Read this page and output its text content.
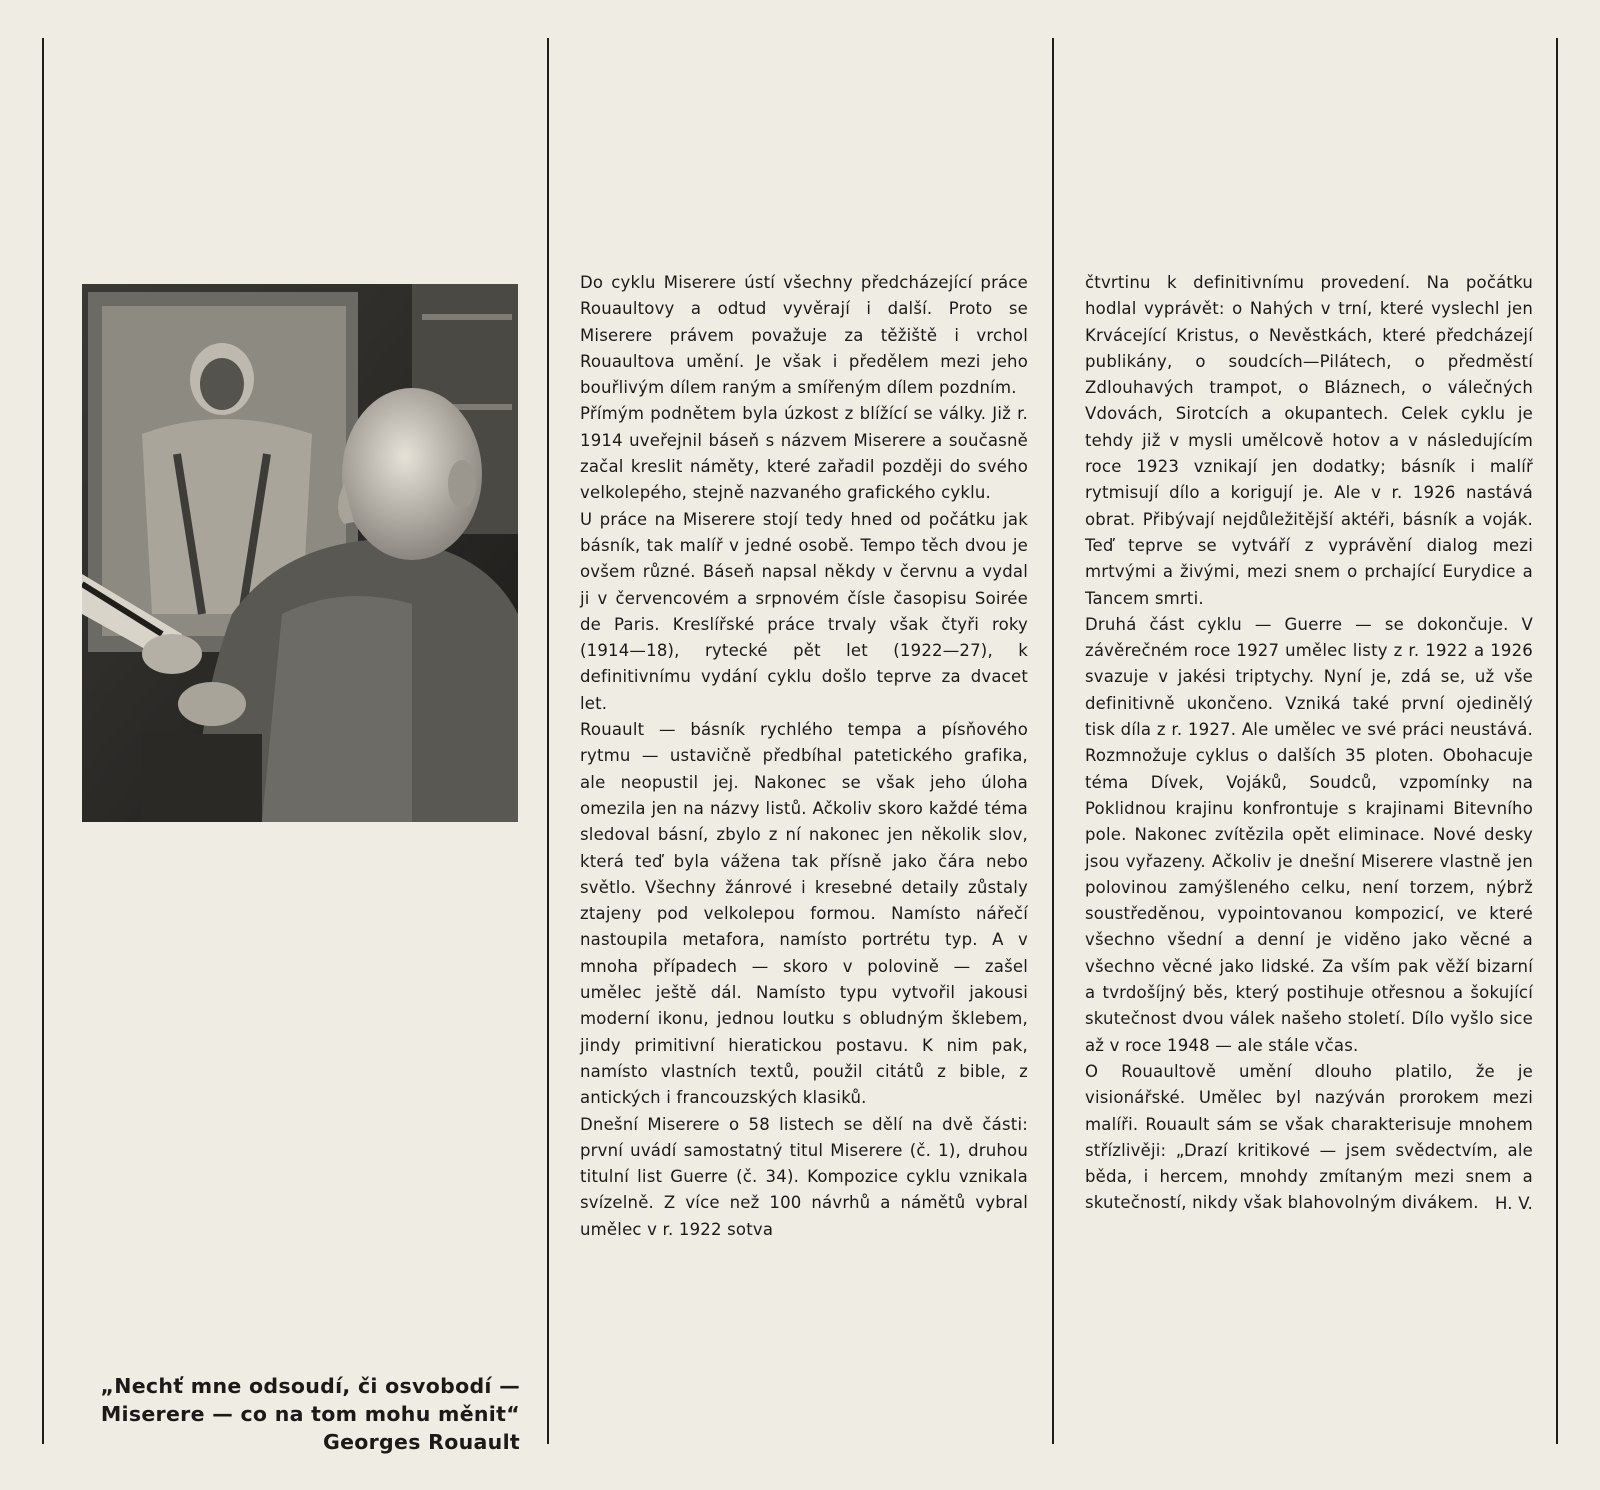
Do cyklu Miserere ústí všechny předcházející práce Rouaultovy a odtud vyvěrají i další. Proto se Miserere právem považuje za těžiště i vrchol Rouaultova umění. Je však i předělem mezi jeho bouřlivým dílem raným a smířeným dílem pozdním.

Přímým podnětem byla úzkost z blížící se války. Již r. 1914 uveřejnil báseň s názvem Miserere a současně začal kreslit náměty, které zařadil později do svého velkolepého, stejně nazvaného grafického cyklu.

U práce na Miserere stojí tedy hned od počátku jak básník, tak malíř v jedné osobě. Tempo těch dvou je ovšem různé. Báseň napsal někdy v červnu a vydal ji v červencovém a srpnovém čísle časopisu Soirée de Paris. Kreslířské práce trvaly však čtyři roky (1914—18), rytecké pět let (1922—27), k definitivnímu vydání cyklu došlo teprve za dvacet let.

Rouault — básník rychlého tempa a písňového rytmu — ustavičně předbíhal patetického grafika, ale neopustil jej. Nakonec se však jeho úloha omezila jen na názvy listů. Ačkoliv skoro každé téma sledoval básní, zbylo z ní nakonec jen několik slov, která teď byla vážena tak přísně jako čára nebo světlo. Všechny žánrové i kresebné detaily zůstaly ztajeny pod velkolepou formou. Namísto nářečí nastoupila metafora, namísto portrétu typ. A v mnoha případech — skoro v polovině — zašel umělec ještě dál. Namísto typu vytvořil jakousi moderní ikonu, jednou loutku s obludným šklebem, jindy primitivní hieratickou postavu. K nim pak, namísto vlastních textů, použil citátů z bible, z antických i francouzských klasiků.

Dnešní Miserere o 58 listech se dělí na dvě části: první uvádí samostatný titul Miserere (č. 1), druhou titulní list Guerre (č. 34). Kompozice cyklu vznikala svízelně. Z více než 100 návrhů a námětů vybral umělec v r. 1922 sotva

čtvrtinu k definitivnímu provedení. Na počátku hodlal vyprávět: o Nahých v trní, které vyslechl jen Krvácející Kristus, o Nevěstkách, které předcházejí publikány, o soudcích—Pilátech, o předměstí Zdlouhavých trampot, o Bláznech, o válečných Vdovách, Sirotcích a okupantech. Celek cyklu je tehdy již v mysli umělcově hotov a v následujícím roce 1923 vznikají jen dodatky; básník i malíř rytmisují dílo a korigují je. Ale v r. 1926 nastává obrat. Přibývají nejdůležitější aktéři, básník a voják. Teď teprve se vytváří z vyprávění dialog mezi mrtvými a živými, mezi snem o prchající Eurydice a Tancem smrti.

Druhá část cyklu — Guerre — se dokončuje. V závěrečném roce 1927 umělec listy z r. 1922 a 1926 svazuje v jakési triptychy. Nyní je, zdá se, už vše definitivně ukončeno. Vzniká také první ojedinělý tisk díla z r. 1927. Ale umělec ve své práci neustává. Rozmnožuje cyklus o dalších 35 ploten. Obohacuje téma Dívek, Vojáků, Soudců, vzpomínky na Poklidnou krajinu konfrontuje s krajinami Bitevního pole. Nakonec zvítězila opět eliminace. Nové desky jsou vyřazeny. Ačkoliv je dnešní Miserere vlastně jen polovinou zamýšleného celku, není torzem, nýbrž soustředěnou, vypointovanou kompozicí, ve které všechno všední a denní je viděno jako věcné a všechno věcné jako lidské. Za vším pak věží bizarní a tvrdošíjný běs, který postihuje otřesnou a šokující skutečnost dvou válek našeho století. Dílo vyšlo sice až v roce 1948 — ale stále včas.

O Rouaultově umění dlouho platilo, že je visionářské. Umělec byl nazýván prorokem mezi malíři. Rouault sám se však charakterisuje mnohem střízlivěji: „Drazí kritikové — jsem svědectvím, ale běda, i hercem, mnohdy zmítaným mezi snem a skutečností, nikdy však blahovolným divákem. H. V.
„Nechť mne odsoudí, či osvobodí —
Miserere — co na tom mohu měnit“
Georges Rouault
